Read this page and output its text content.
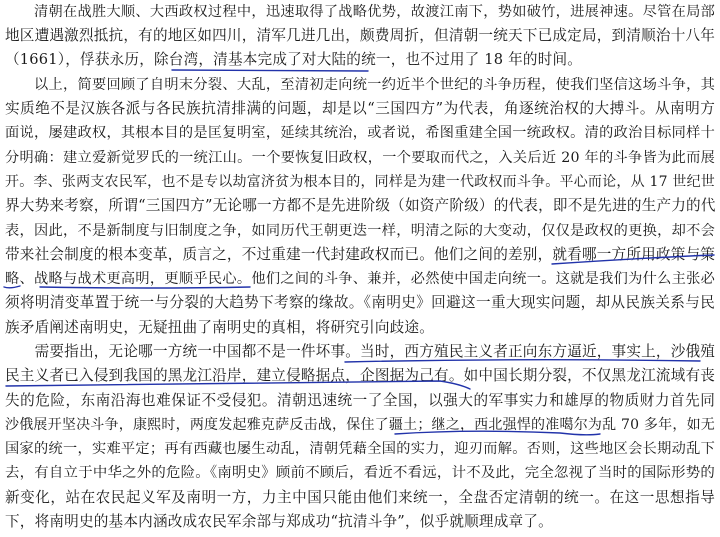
　　清朝在战胜大顺、大西政权过程中，迅速取得了战略优势，故渡江南下，势如破竹，进展神速。尽管在局部
地区遭遇激烈抵抗，有的地区如四川，清军几进几出，颇费周折，但清朝一统天下已成定局，到清顺治十八年
（1661），俘获永历，除台湾，清基本完成了对大陆的统一，也不过用了 18 年的时间。
　　以上，简要回顾了自明末分裂、大乱，至清初走向统一约近半个世纪的斗争历程，使我们坚信这场斗争，其
实质绝不是汉族各派与各民族抗清排满的问题，却是以“三国四方”为代表，角逐统治权的大搏斗。从南明方
面说，屡建政权，其根本目的是匡复明室，延续其统治，或者说，希图重建全国一统政权。清的政治目标同样十
分明确：建立爱新觉罗氏的一统江山。一个要恢复旧政权，一个要取而代之，入关后近 20 年的斗争皆为此而展
开。李、张两支农民军，也不是专以劫富济贫为根本目的，同样是为建一代政权而斗争。平心而论，从 17 世纪世
界大势来考察，所谓“三国四方”无论哪一方都不是先进阶级（如资产阶级）的代表，即不是先进的生产力的代
表，因此，不是新制度与旧制度之争，如同历代王朝更迭一样，明清之际的大变动，仅仅是政权的更换，却不会
带来社会制度的根本变革，质言之，不过重建一代封建政权而已。他们之间的差别，就看哪一方所用政策与策
略、战略与战术更高明，更顺乎民心。他们之间的斗争、兼并，必然使中国走向统一。这就是我们为什么主张必
须将明清变革置于统一与分裂的大趋势下考察的缘故。《南明史》回避这一重大现实问题，却从民族关系与民
族矛盾阐述南明史，无疑扭曲了南明史的真相，将研究引向歧途。
　　需要指出，无论哪一方统一中国都不是一件坏事。当时，西方殖民主义者正向东方逼近，事实上，沙俄殖
民主义者已入侵到我国的黑龙江沿岸，建立侵略据点，企图据为己有。如中国长期分裂，不仅黑龙江流域有丧
失的危险，东南沿海也难保证不受侵犯。清朝迅速统一了全国，以强大的军事实力和雄厚的物质财力首先同
沙俄展开坚决斗争，康熙时，两度发起雅克萨反击战，保住了疆土；继之，西北强悍的准噶尔为乱 70 多年，如无
国家的统一，实难平定；再有西藏也屡生动乱，清朝凭藉全国的实力，迎刃而解。否则，这些地区会长期动乱下
去，有自立于中华之外的危险。《南明史》顾前不顾后，看近不看远，计不及此，完全忽视了当时的国际形势的
新变化，站在农民起义军及南明一方，力主中国只能由他们来统一，全盘否定清朝的统一。在这一思想指导
下，将南明史的基本内涵改成农民军余部与郑成功“抗清斗争”，似乎就顺理成章了。
